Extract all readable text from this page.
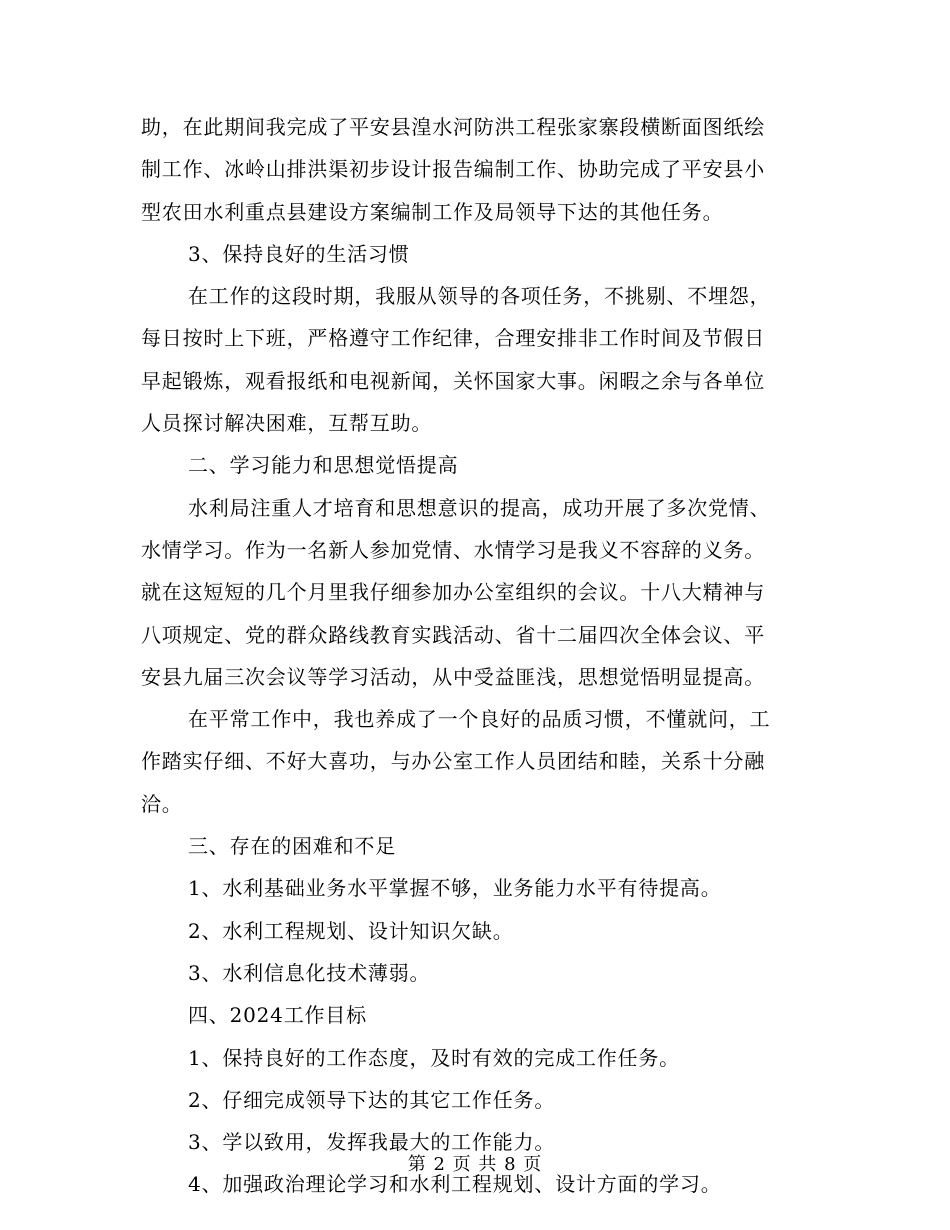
助，在此期间我完成了平安县湟水河防洪工程张家寨段横断面图纸绘
制工作、冰岭山排洪渠初步设计报告编制工作、协助完成了平安县小
型农田水利重点县建设方案编制工作及局领导下达的其他任务。
3、保持良好的生活习惯
在工作的这段时期，我服从领导的各项任务，不挑剔、不埋怨，
每日按时上下班，严格遵守工作纪律，合理安排非工作时间及节假日
早起锻炼，观看报纸和电视新闻，关怀国家大事。闲暇之余与各单位
人员探讨解决困难，互帮互助。
二、学习能力和思想觉悟提高
水利局注重人才培育和思想意识的提高，成功开展了多次党情、
水情学习。作为一名新人参加党情、水情学习是我义不容辞的义务。
就在这短短的几个月里我仔细参加办公室组织的会议。十八大精神与
八项规定、党的群众路线教育实践活动、省十二届四次全体会议、平
安县九届三次会议等学习活动，从中受益匪浅，思想觉悟明显提高。
在平常工作中，我也养成了一个良好的品质习惯，不懂就问，工
作踏实仔细、不好大喜功，与办公室工作人员团结和睦，关系十分融
洽。
三、存在的困难和不足
1、水利基础业务水平掌握不够，业务能力水平有待提高。
2、水利工程规划、设计知识欠缺。
3、水利信息化技术薄弱。
四、2024工作目标
1、保持良好的工作态度，及时有效的完成工作任务。
2、仔细完成领导下达的其它工作任务。
3、学以致用，发挥我最大的工作能力。
4、加强政治理论学习和水利工程规划、设计方面的学习。
第 2 页 共 8 页
